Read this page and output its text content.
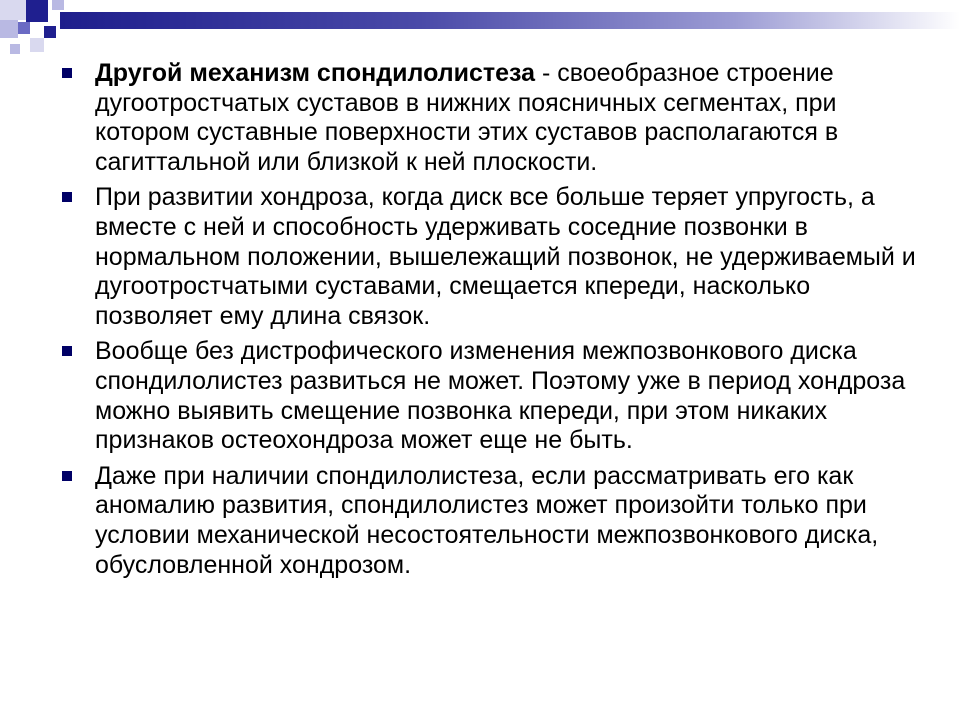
Другой механизм спондилолистеза - своеобразное строение дугоотростчатых суставов в нижних поясничных сегментах, при котором суставные поверхности этих суставов располагаются в сагиттальной или близкой к ней плоскости.
При развитии хондроза, когда диск все больше теряет упругость, а вместе с ней и способность удерживать соседние позвонки в нормальном положении, вышележащий позвонок, не удерживаемый и дугоотростчатыми суставами, смещается кпереди, насколько позволяет ему длина связок.
Вообще без дистрофического изменения межпозвонкового диска спондилолистез развиться не может. Поэтому уже в период хондроза можно выявить смещение позвонка кпереди, при этом никаких признаков остеохондроза может еще не быть.
Даже при наличии спондилолистеза, если рассматривать его как аномалию развития, спондилолистез может произойти только при условии механической несостоятельности межпозвонкового диска, обусловленной хондрозом.
